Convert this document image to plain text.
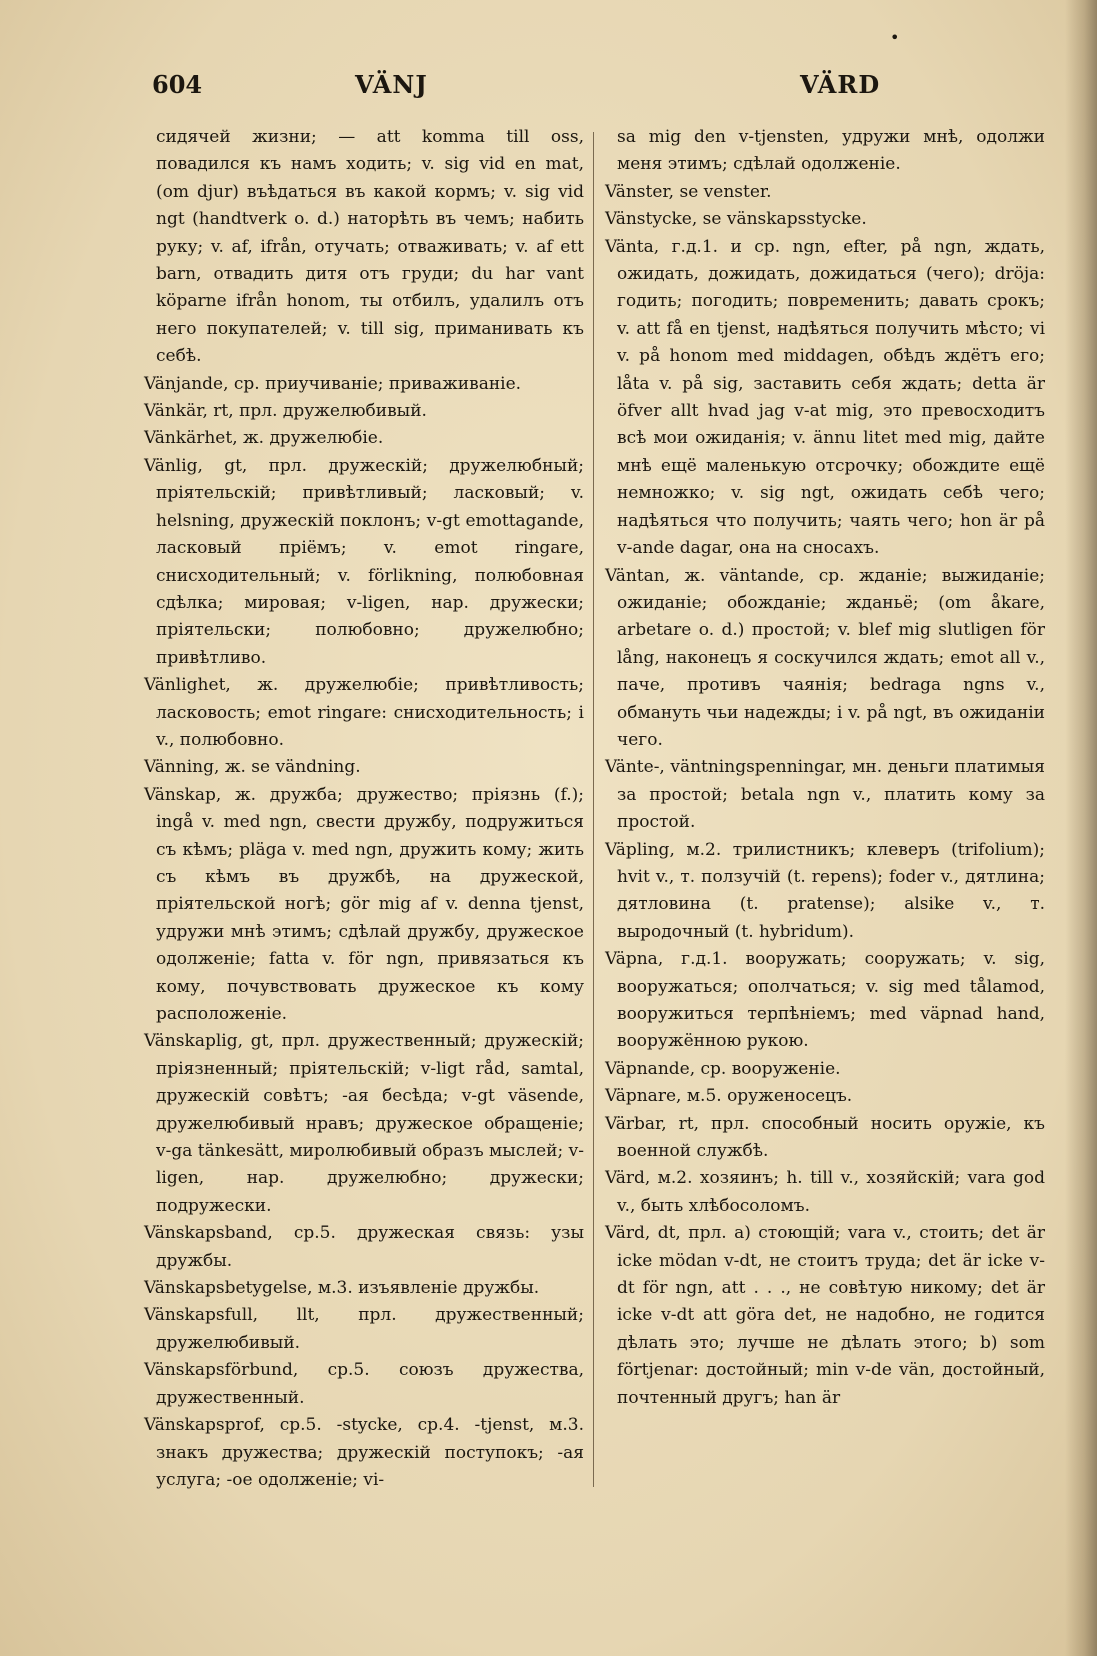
604	VÄNJ	VÄRD
•

сидячей жизни; — att komma till oss, повадился къ намъ ходить; v. sig vid en mat, (om djur) въѣдаться въ какой кормъ; v. sig vid ngt (handtverk o. d.) наторѣть въ чемъ; набить руку; v. af, ifrån, отучать; отваживать; v. af ett barn, отвадить дитя отъ груди; du har vant köparne ifrån honom, ты отбилъ, удалилъ отъ него покупателей; v. till sig, приманивать къ себѣ.

Vänjande, cp. приучиваніе; приваживаніе.

Vänkär, rt, прл. дружелюбивый.

Vänkärhet, ж. дружелюбіе.

Vänlig, gt, прл. дружескій; дружелюбный; пріятельскій; привѣтливый; ласковый; v. helsning, дружескій поклонъ; v-gt emottagande, ласковый пріёмъ; v. emot ringare, снисходительный; v. förlikning, полюбовная сдѣлка; мировая; v-ligen, нар. дружески; пріятельски; полюбовно; дружелюбно; привѣтливо.

Vänlighet, ж. дружелюбіе; привѣтливость; ласковость; emot ringare: снисходительность; i v., полюбовно.

Vänning, ж. se vändning.

Vänskap, ж. дружба; дружество; пріязнь (f.); ingå v. med ngn, свести дружбу, подружиться съ кѣмъ; pläga v. med ngn, дружить кому; жить съ кѣмъ въ дружбѣ, на дружеской, пріятельской ногѣ; gör mig af v. denna tjenst, удружи мнѣ этимъ; сдѣлай дружбу, дружеское одолженіе; fatta v. för ngn, привязаться къ кому, почувствовать дружеское къ кому расположеніе.

Vänskaplig, gt, прл. дружественный; дружескій; пріязненный; пріятельскій; v-ligt råd, samtal, дружескій совѣтъ; -ая бесѣда; v-gt väsende, дружелюбивый нравъ; дружеское обращеніе; v-ga tänkesätt, миролюбивый образъ мыслей; v-ligen, нар. дружелюбно; дружески; подружески.

Vänskapsband, cp.5. дружеская связь: узы дружбы.

Vänskapsbetygelse, м.3. изъявленіе дружбы.

Vänskapsfull, llt, прл. дружественный; дружелюбивый.

Vänskapsförbund, cp.5. союзъ дружества, дружественный.

Vänskapsprof, cp.5. -stycke, cp.4. -tjenst, м.3. знакъ дружества; дружескій поступокъ; -ая услуга; -ое одолженіе; vi-

sa mig den v-tjensten, удружи мнѣ, одолжи меня этимъ; сдѣлай одолженіе.

Vänster, se venster.

Vänstycke, se vänskapsstycke.

Vänta, г.д.1. и cp. ngn, efter, på ngn, ждать, ожидать, дожидать, дожидаться (чего); dröja: годить; погодить; повременить; давать срокъ; v. att få en tjenst, надѣяться получить мѣсто; vi v. på honom med middagen, обѣдъ ждётъ его; låta v. på sig, заставить себя ждать; detta är öfver allt hvad jag v-at mig, это превосходитъ всѣ мои ожиданія; v. ännu litet med mig, дайте мнѣ ещё маленькую отсрочку; обождите ещё немножко; v. sig ngt, ожидать себѣ чего; надѣяться что получить; чаять чего; hon är på v-ande dagar, она на сносахъ.

Väntan, ж. väntande, cp. жданіе; выжиданіе; ожиданіе; обожданіе; жданьё; (om åkare, arbetare o. d.) простой; v. blef mig slutligen för lång, наконецъ я соскучился ждать; emot all v., паче, противъ чаянія; bedraga ngns v., обмануть чьи надежды; i v. på ngt, въ ожиданіи чего.

Vänte-, väntningspenningar, мн. деньги платимыя за простой; betala ngn v., платить кому за простой.

Väpling, м.2. трилистникъ; клеверъ (trifolium); hvit v., т. ползучій (t. repens); foder v., дятлина; дятловина (t. pratense); alsike v., т. выродочный (t. hybridum).

Väpna, г.д.1. вооружать; сооружать; v. sig, вооружаться; ополчаться; v. sig med tålamod, вооружиться терпѣніемъ; med väpnad hand, вооружённою рукою.

Väpnande, cp. вооруженіе.

Väpnare, м.5. оруженосецъ.

Värbar, rt, прл. способный носить оружіе, къ военной службѣ.

Värd, м.2. хозяинъ; h. till v., хозяйскій; vara god v., быть хлѣбосоломъ.

Värd, dt, прл. a) стоющій; vara v., стоить; det är icke mödan v-dt, не стоитъ труда; det är icke v-dt för ngn, att . . ., не совѣтую никому; det är icke v-dt att göra det, не надобно, не годится дѣлать это; лучше не дѣлать этого; b) som förtjenar: достойный; min v-de vän, достойный, почтенный другъ; han är
